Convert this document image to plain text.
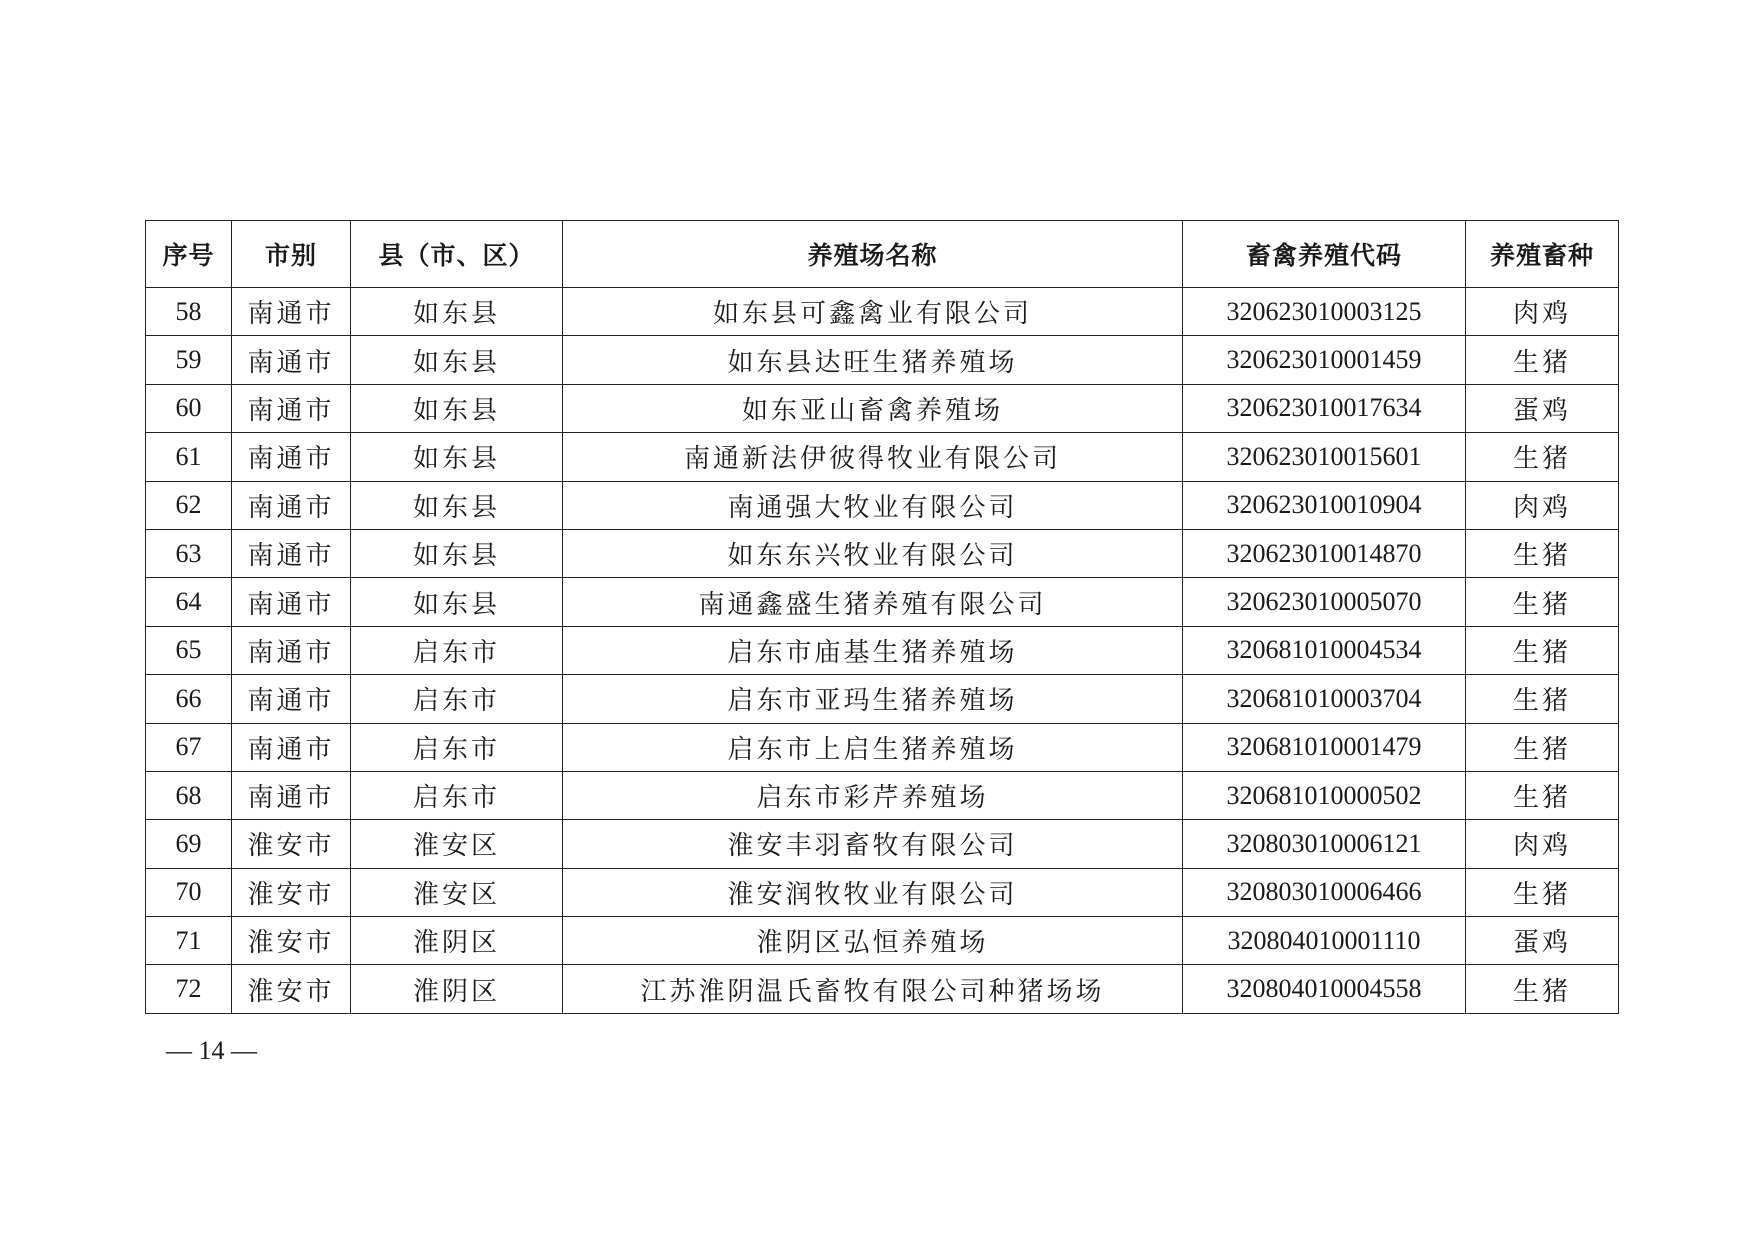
序号	市别	县（市、区）	养殖场名称	畜禽养殖代码	养殖畜种
58	南通市	如东县	如东县可鑫禽业有限公司	320623010003125	肉鸡
59	南通市	如东县	如东县达旺生猪养殖场	320623010001459	生猪
60	南通市	如东县	如东亚山畜禽养殖场	320623010017634	蛋鸡
61	南通市	如东县	南通新法伊彼得牧业有限公司	320623010015601	生猪
62	南通市	如东县	南通强大牧业有限公司	320623010010904	肉鸡
63	南通市	如东县	如东东兴牧业有限公司	320623010014870	生猪
64	南通市	如东县	南通鑫盛生猪养殖有限公司	320623010005070	生猪
65	南通市	启东市	启东市庙基生猪养殖场	320681010004534	生猪
66	南通市	启东市	启东市亚玛生猪养殖场	320681010003704	生猪
67	南通市	启东市	启东市上启生猪养殖场	320681010001479	生猪
68	南通市	启东市	启东市彩芹养殖场	320681010000502	生猪
69	淮安市	淮安区	淮安丰羽畜牧有限公司	320803010006121	肉鸡
70	淮安市	淮安区	淮安润牧牧业有限公司	320803010006466	生猪
71	淮安市	淮阴区	淮阴区弘恒养殖场	320804010001110	蛋鸡
72	淮安市	淮阴区	江苏淮阴温氏畜牧有限公司种猪场场	320804010004558	生猪
— 14 —
